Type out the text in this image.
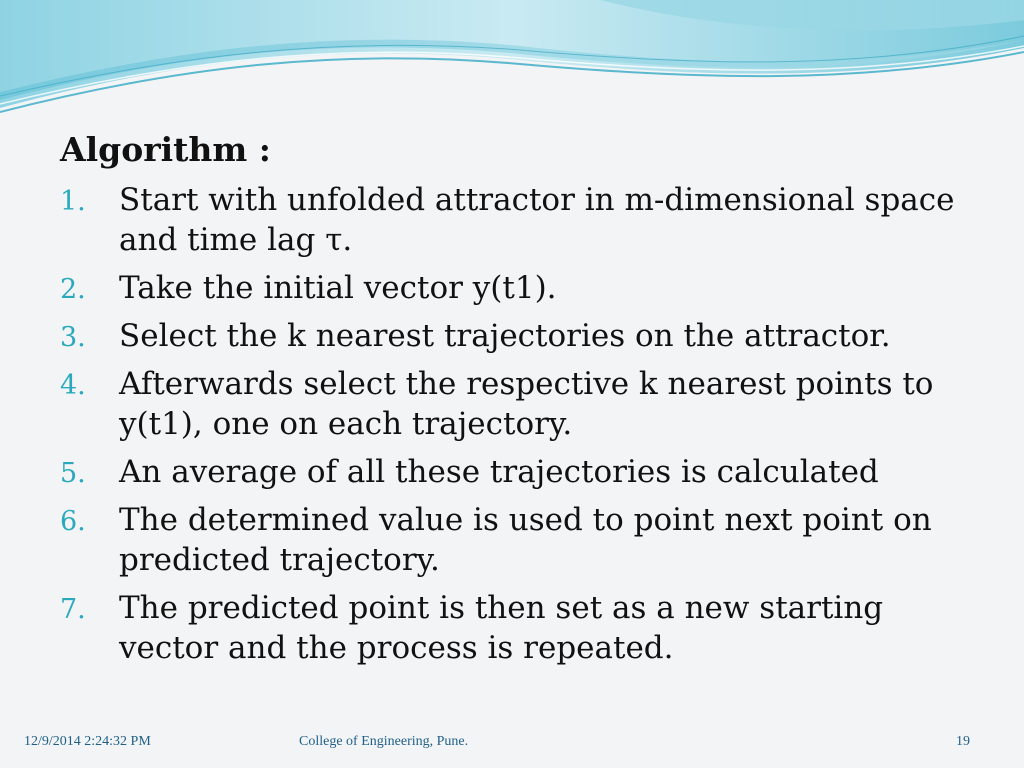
Algorithm :
1. Start with unfolded attractor in m-dimensional space and time lag τ.
2. Take the initial vector y(t1).
3. Select the k nearest trajectories on the attractor.
4. Afterwards select the respective k nearest points to y(t1), one on each trajectory.
5. An average of all these trajectories is calculated
6. The determined value is used to point next point on predicted trajectory.
7. The predicted point is then set as a new starting vector and the process is repeated.
12/9/2014 2:24:32 PM	College of Engineering, Pune.	19
